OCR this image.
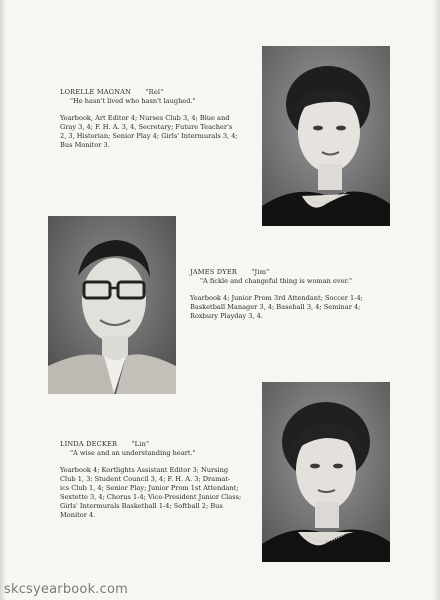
LORELLE MAGNAN "Rel"
"He hasn't lived who hasn't laughed."
Yearbook, Art Editor 4; Nurses Club 3, 4; Blue and
Gray 3, 4; F. H. A. 3, 4, Secretary; Future Teacher's
2, 3, Historian; Senior Play 4; Girls' Intermurals 3, 4;
Bus Monitor 3.
JAMES DYER "Jim"
"A fickle and changeful thing is woman ever."
Yearbook 4; Junior Prom 3rd Attendant; Soccer 1-4;
Basketball Manager 3, 4; Baseball 3, 4; Seminar 4;
Roxbury Playday 3, 4.
LINDA DECKER "Lin"
"A wise and an understanding heart."
Yearbook 4; Kortlights Assistant Editor 3; Nursing
Club 1, 3; Student Council 3, 4; F. H. A. 3; Dramat-
ics Club 1, 4; Senior Play; Junior Prom 1st Attendant;
Sextette 3, 4; Chorus 1-4; Vice-President Junior Class;
Girls' Intermurals Basketball 1-4; Softball 2; Bus
Monitor 4.
skcsyearbook.com
